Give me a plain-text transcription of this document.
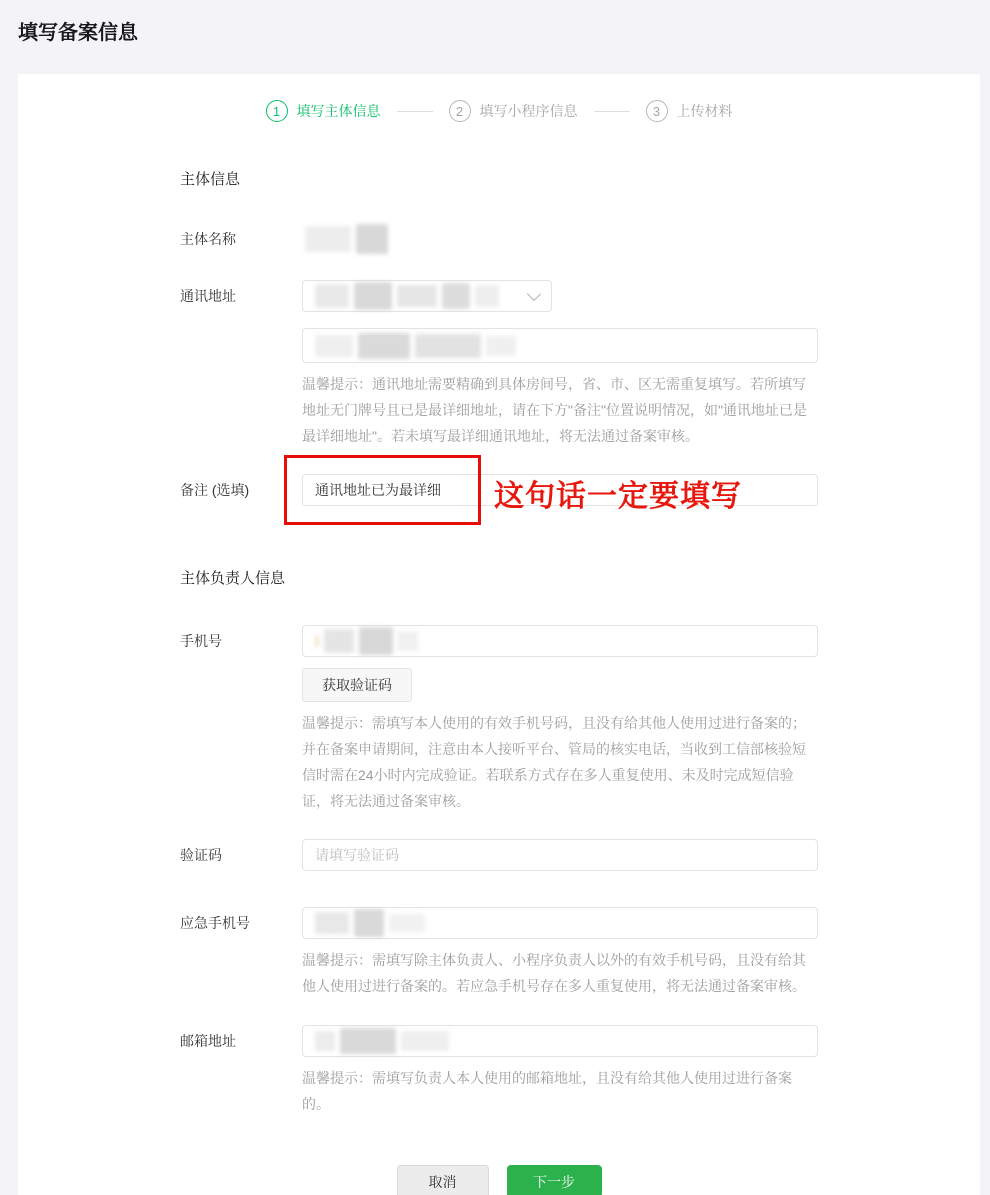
填写备案信息
1	填写主体信息	2	填写小程序信息	3	上传材料
主体信息
主体名称
通讯地址
温馨提示：通讯地址需要精确到具体房间号，省、市、区无需重复填写。若所填写地址无门牌号且已是最详细地址，请在下方"备注"位置说明情况，如"通讯地址已是最详细地址"。若未填写最详细通讯地址，将无法通过备案审核。
备注 (选填)
通讯地址已为最详细	这句话一定要填写
主体负责人信息
手机号
获取验证码
温馨提示：需填写本人使用的有效手机号码，且没有给其他人使用过进行备案的；并在备案申请期间，注意由本人接听平台、管局的核实电话，当收到工信部核验短信时需在24小时内完成验证。若联系方式存在多人重复使用、未及时完成短信验证，将无法通过备案审核。
验证码
请填写验证码
应急手机号
温馨提示：需填写除主体负责人、小程序负责人以外的有效手机号码，且没有给其他人使用过进行备案的。若应急手机号存在多人重复使用，将无法通过备案审核。
邮箱地址
温馨提示：需填写负责人本人使用的邮箱地址，且没有给其他人使用过进行备案的。
取消	下一步
